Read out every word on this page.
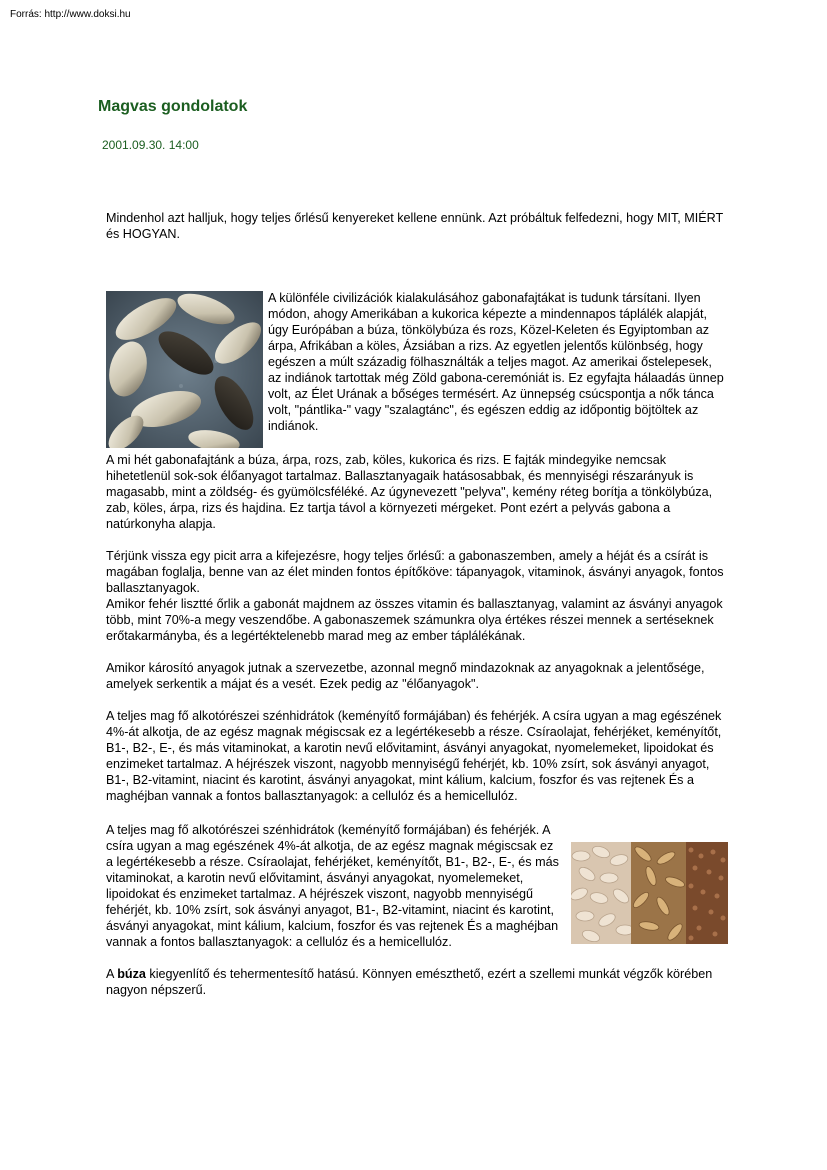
Forrás: http://www.doksi.hu
Magvas gondolatok
2001.09.30. 14:00

Mindenhol azt halljuk, hogy teljes őrlésű kenyereket kellene ennünk. Azt próbáltuk felfedezni, hogy MIT, MIÉRT és HOGYAN.

A különféle civilizációk kialakulásához gabonafajtákat is tudunk társítani. Ilyen módon, ahogy Amerikában a kukorica képezte a mindennapos táplálék alapját, úgy Európában a búza, tönkölybúza és rozs, Közel-Keleten és Egyiptomban az árpa, Afrikában a köles, Ázsiában a rizs. Az egyetlen jelentős különbség, hogy egészen a múlt századig fölhasználták a teljes magot. Az amerikai őstelepesek, az indiánok tartottak még Zöld gabona-ceremóniát is. Ez egyfajta hálaadás ünnep volt, az Élet Urának a bőséges termésért. Az ünnepség csúcspontja a nők tánca volt, "pántlika-" vagy "szalagtánc", és egészen eddig az időpontig böjtöltek az indiánok.

A mi hét gabonafajtánk a búza, árpa, rozs, zab, köles, kukorica és rizs. E fajták mindegyike nemcsak hihetetlenül sok-sok élőanyagot tartalmaz. Ballasztanyagaik hatásosabbak, és mennyiségi részarányuk is magasabb, mint a zöldség- és gyümölcsféléké. Az úgynevezett "pelyva", kemény réteg borítja a tönkölybúza, zab, köles, árpa, rizs és hajdina. Ez tartja távol a környezeti mérgeket. Pont ezért a pelyvás gabona a natúrkonyha alapja.

Térjünk vissza egy picit arra a kifejezésre, hogy teljes őrlésű: a gabonaszemben, amely a héját és a csírát is magában foglalja, benne van az élet minden fontos építőköve: tápanyagok, vitaminok, ásványi anyagok, fontos ballasztanyagok.

Amikor fehér lisztté őrlik a gabonát majdnem az összes vitamin és ballasztanyag, valamint az ásványi anyagok több, mint 70%-a megy veszendőbe. A gabonaszemek számunkra olya értékes részei mennek a sertéseknek erőtakarmányba, és a legértéktelenebb marad meg az ember táplálékának.

Amikor károsító anyagok jutnak a szervezetbe, azonnal megnő mindazoknak az anyagoknak a jelentősége, amelyek serkentik a májat és a vesét. Ezek pedig az "élőanyagok".

A teljes mag fő alkotórészei szénhidrátok (keményítő formájában) és fehérjék. A csíra ugyan a mag egészének 4%-át alkotja, de az egész magnak mégiscsak ez a legértékesebb a része. Csíraolajat, fehérjéket, keményítőt, B1-, B2-, E-, és más vitaminokat, a karotin nevű elővitamint, ásványi anyagokat, nyomelemeket, lipoidokat és enzimeket tartalmaz. A héjrészek viszont, nagyobb mennyiségű fehérjét, kb. 10% zsírt, sok ásványi anyagot, B1-, B2-vitamint, niacint és karotint, ásványi anyagokat, mint kálium, kalcium, foszfor és vas rejtenek És a maghéjban vannak a fontos ballasztanyagok: a cellulóz és a hemicellulóz.

A teljes mag fő alkotórészei szénhidrátok (keményítő formájában) és fehérjék. A csíra ugyan a mag egészének 4%-át alkotja, de az egész magnak mégiscsak ez a legértékesebb a része. Csíraolajat, fehérjéket, keményítőt, B1-, B2-, E-, és más vitaminokat, a karotin nevű elővitamint, ásványi anyagokat, nyomelemeket, lipoidokat és enzimeket tartalmaz. A héjrészek viszont, nagyobb mennyiségű fehérjét, kb. 10% zsírt, sok ásványi anyagot, B1-, B2-vitamint, niacint és karotint, ásványi anyagokat, mint kálium, kalcium, foszfor és vas rejtenek És a maghéjban vannak a fontos ballasztanyagok: a cellulóz és a hemicellulóz.

A búza kiegyenlítő és tehermentesítő hatású. Könnyen emészthető, ezért a szellemi munkát végzők körében nagyon népszerű.
